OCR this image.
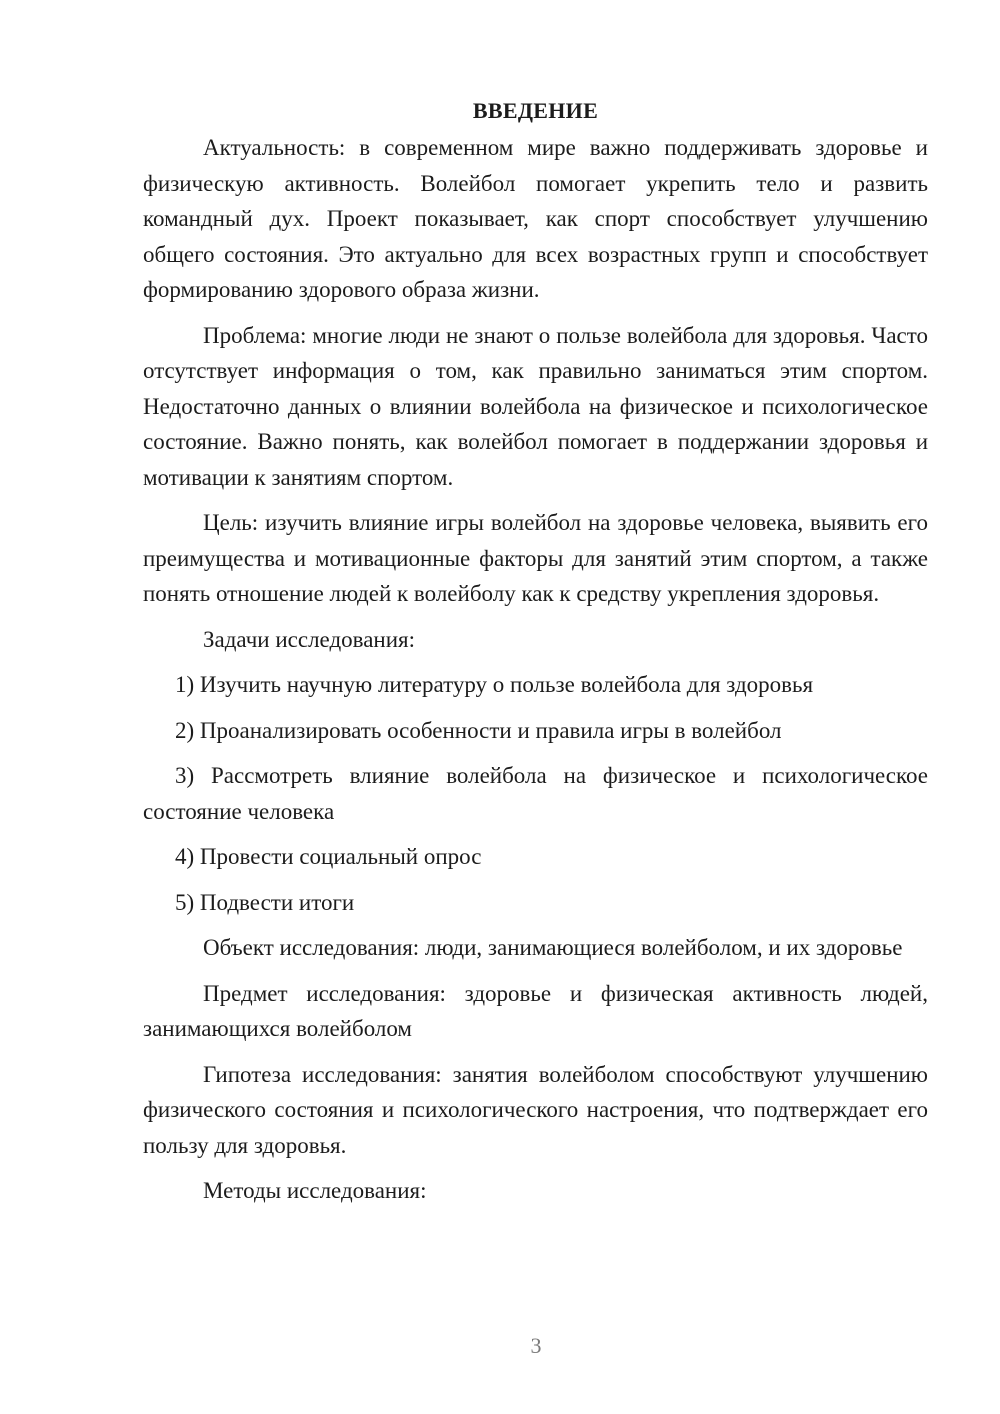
ВВЕДЕНИЕ

Актуальность: в современном мире важно поддерживать здоровье и физическую активность. Волейбол помогает укрепить тело и развить командный дух. Проект показывает, как спорт способствует улучшению общего состояния. Это актуально для всех возрастных групп и способствует формированию здорового образа жизни.

Проблема: многие люди не знают о пользе волейбола для здоровья. Часто отсутствует информация о том, как правильно заниматься этим спортом. Недостаточно данных о влиянии волейбола на физическое и психологическое состояние. Важно понять, как волейбол помогает в поддержании здоровья и мотивации к занятиям спортом.

Цель: изучить влияние игры волейбол на здоровье человека, выявить его преимущества и мотивационные факторы для занятий этим спортом, а также понять отношение людей к волейболу как к средству укрепления здоровья.

Задачи исследования:

1) Изучить научную литературу о пользе волейбола для здоровья

2) Проанализировать особенности и правила игры в волейбол

3) Рассмотреть влияние волейбола на физическое и психологическое состояние человека

4) Провести социальный опрос

5) Подвести итоги

Объект исследования: люди, занимающиеся волейболом, и их здоровье

Предмет исследования: здоровье и физическая активность людей, занимающихся волейболом

Гипотеза исследования: занятия волейболом способствуют улучшению физического состояния и психологического настроения, что подтверждает его пользу для здоровья.

Методы исследования:

3
